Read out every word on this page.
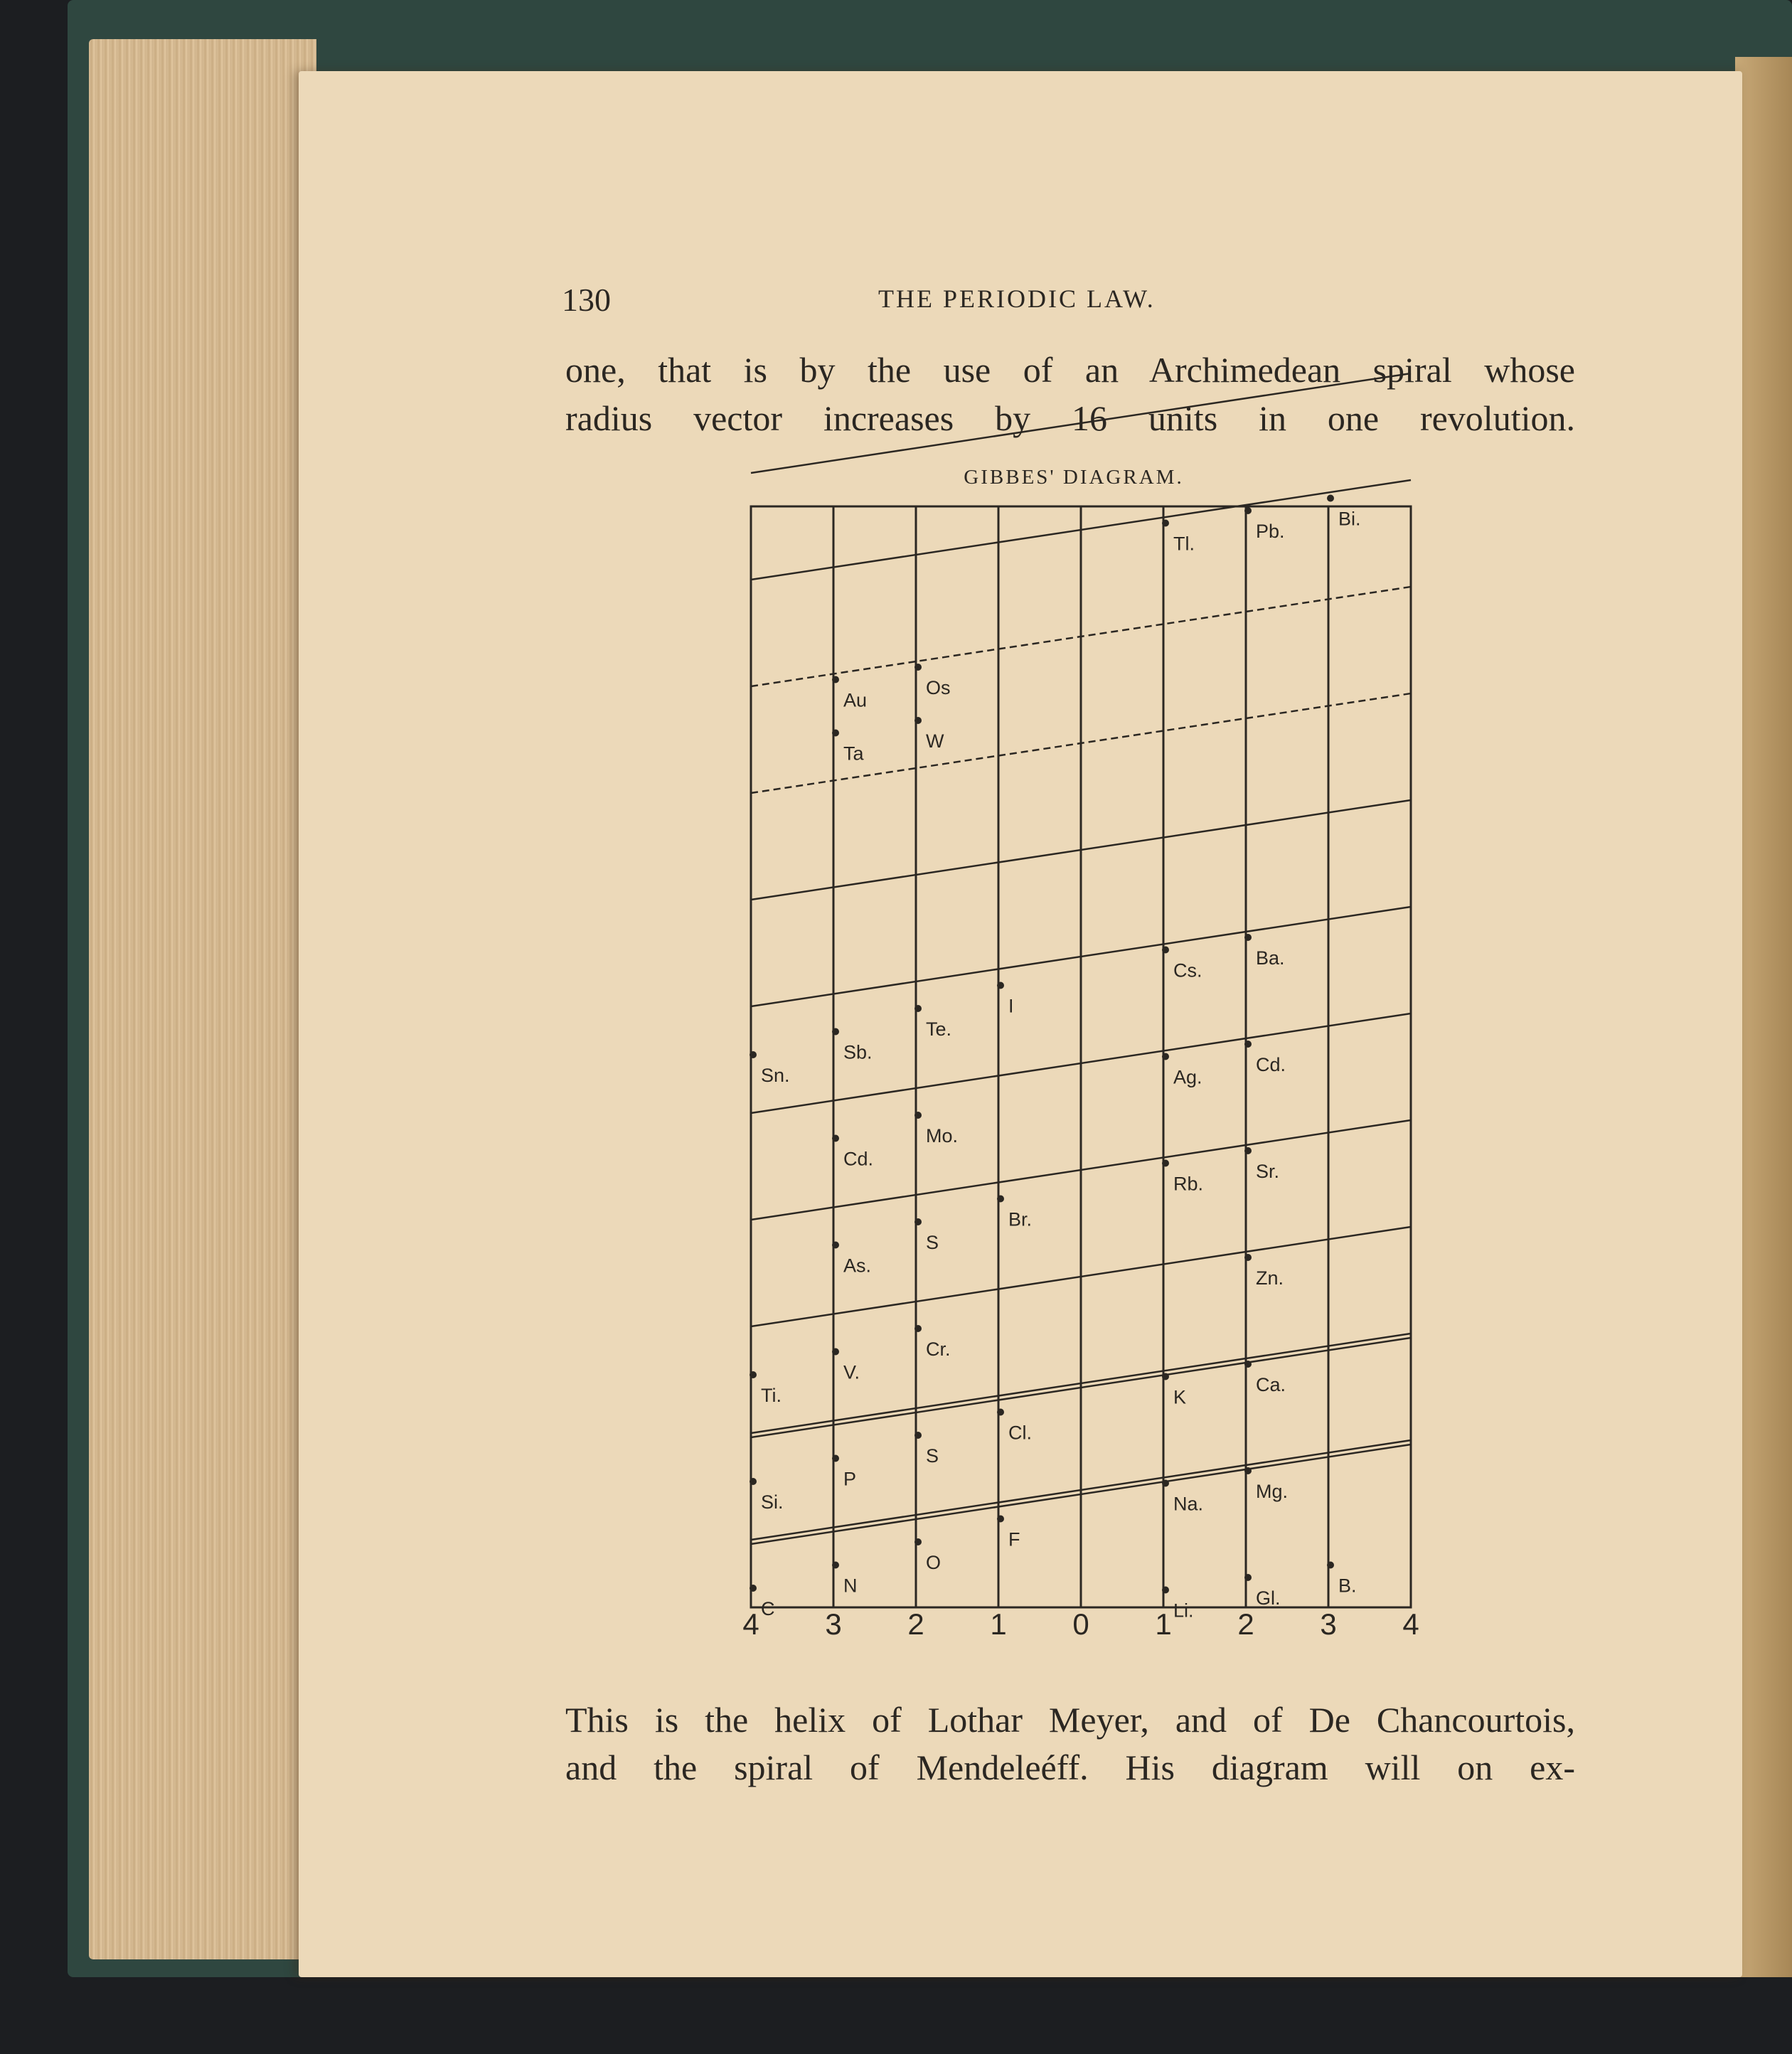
130	THE PERIODIC LAW.
one, that is by the use of an Archimedean spiral whose
radius vector increases by 16 units in one revolution.
GIBBES' DIAGRAM.
Tl.
Pb.
Bi.
Au
Os
Ta
W
Cs.
Ba.
Sn.
Sb.
Te.
I
Ag.
Cd.
Cd.
Mo.
Rb.
Sr.
As.
S
Br.
Zn.
Ti.
V.
Cr.
K
Ca.
Si.
P
S
Cl.
Na.
Mg.
C
N
O
F
Li.
Gl.
B.
4 3 2 1 0 1 2 3 4
This is the helix of Lothar Meyer, and of De Chancourtois,
and the spiral of Mendeleéff. His diagram will on ex-
